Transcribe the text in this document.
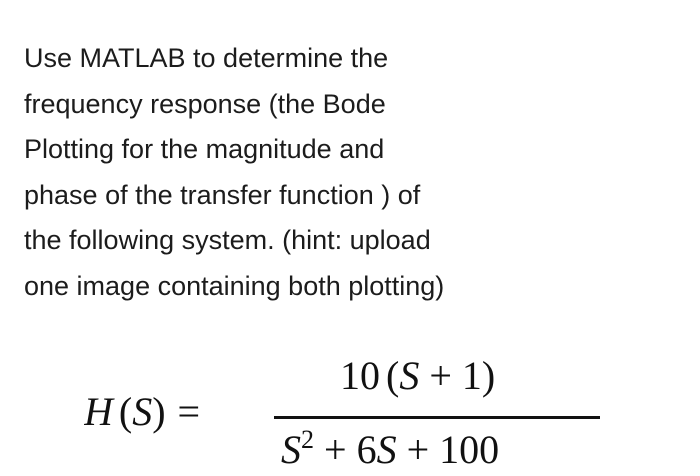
Use MATLAB to determine the
frequency response (the Bode
Plotting for the magnitude and
phase of the transfer function ) of
the following system. (hint: upload
one image containing both plotting)
H (S) =
10 (S + 1)
$S^2 + 6S + 100$
